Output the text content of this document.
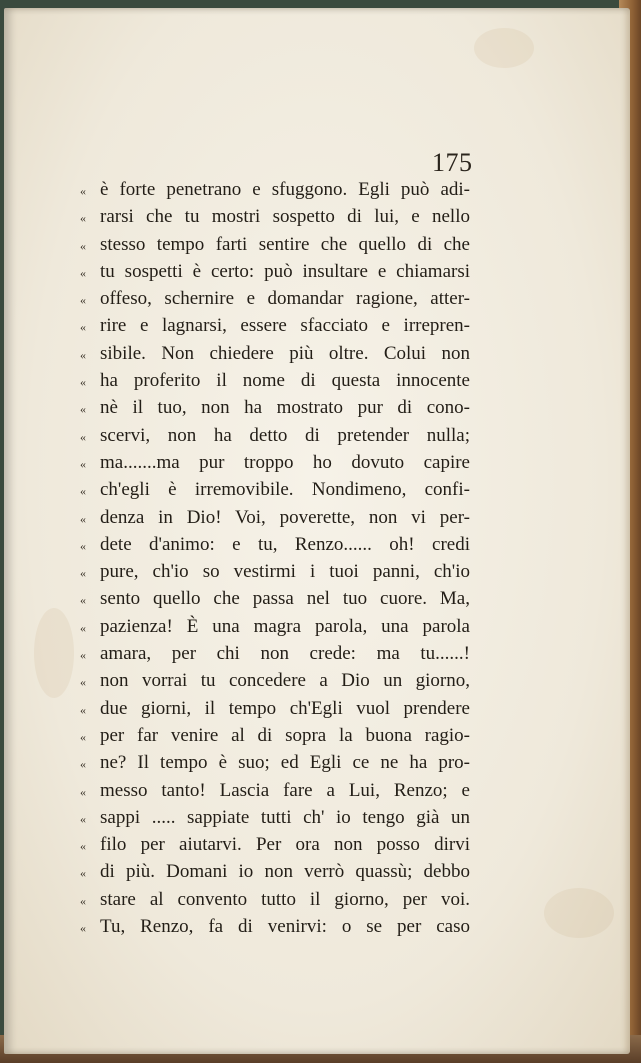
175
« è forte penetrano e sfuggono. Egli può adi-
« rarsi che tu mostri sospetto di lui, e nello
« stesso tempo farti sentire che quello di che
« tu sospetti è certo: può insultare e chiamarsi
« offeso, schernire e domandar ragione, atter-
« rire e lagnarsi, essere sfacciato e irrepren-
« sibile. Non chiedere più oltre. Colui non
« ha proferito il nome di questa innocente
« nè il tuo, non ha mostrato pur di cono-
« scervi, non ha detto di pretender nulla;
« ma.......ma pur troppo ho dovuto capire
« ch'egli è irremovibile. Nondimeno, confi-
« denza in Dio! Voi, poverette, non vi per-
« dete d'animo: e tu, Renzo...... oh! credi
« pure, ch'io so vestirmi i tuoi panni, ch'io
« sento quello che passa nel tuo cuore. Ma,
« pazienza! È una magra parola, una parola
« amara, per chi non crede: ma tu......!
« non vorrai tu concedere a Dio un giorno,
« due giorni, il tempo ch'Egli vuol prendere
« per far venire al di sopra la buona ragio-
« ne? Il tempo è suo; ed Egli ce ne ha pro-
« messo tanto! Lascia fare a Lui, Renzo; e
« sappi ..... sappiate tutti ch' io tengo già un
« filo per aiutarvi. Per ora non posso dirvi
« di più. Domani io non verrò quassù; debbo
« stare al convento tutto il giorno, per voi.
« Tu, Renzo, fa di venirvi: o se per caso
